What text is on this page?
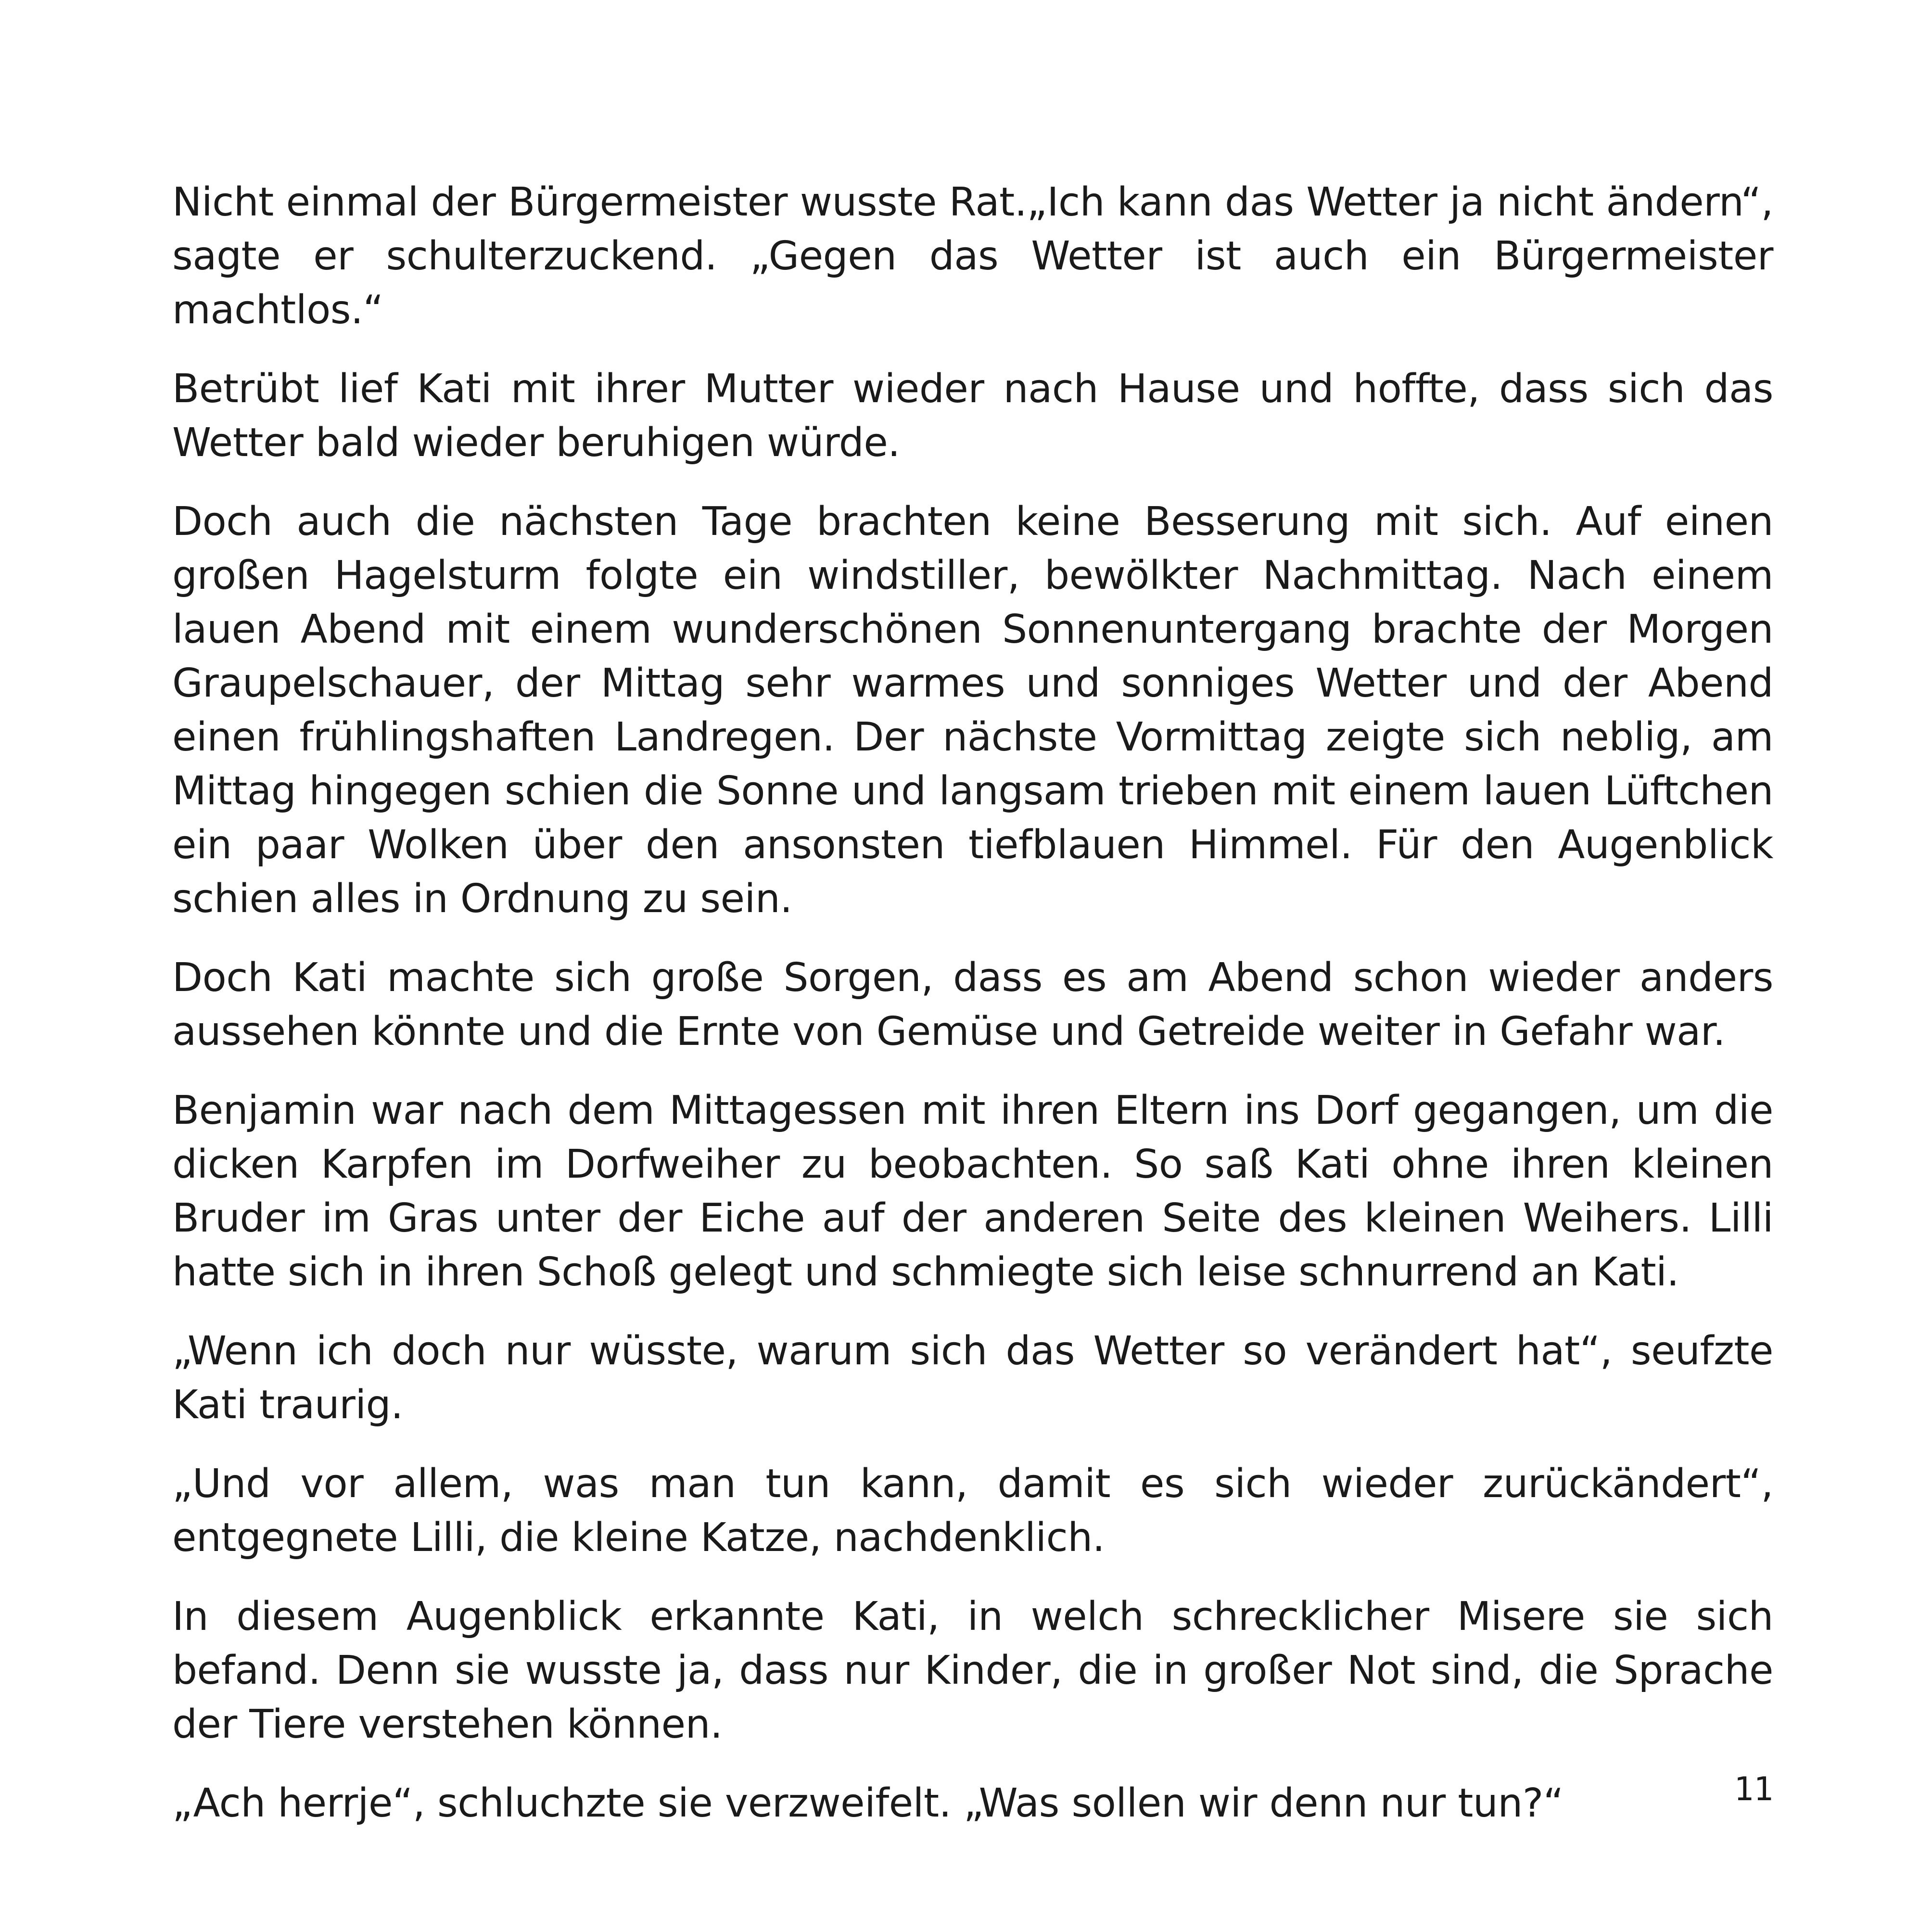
Nicht einmal der Bürgermeister wusste Rat.„Ich kann das Wetter ja nicht ändern“, sagte er schulterzuckend. „Gegen das Wetter ist auch ein Bürgermeister machtlos.“

Betrübt lief Kati mit ihrer Mutter wieder nach Hause und hoffte, dass sich das Wetter bald wieder beruhigen würde.

Doch auch die nächsten Tage brachten keine Besserung mit sich. Auf einen großen Hagelsturm folgte ein windstiller, bewölkter Nachmittag. Nach einem lauen Abend mit einem wunderschönen Sonnenuntergang brachte der Morgen Graupelschauer, der Mittag sehr warmes und sonniges Wetter und der Abend einen frühlingshaften Landregen. Der nächste Vormittag zeigte sich neblig, am Mittag hingegen schien die Sonne und langsam trieben mit einem lauen Lüftchen ein paar Wolken über den ansonsten tiefblauen Himmel. Für den Augenblick schien alles in Ordnung zu sein.

Doch Kati machte sich große Sorgen, dass es am Abend schon wieder anders aussehen könnte und die Ernte von Gemüse und Getreide weiter in Gefahr war.

Benjamin war nach dem Mittagessen mit ihren Eltern ins Dorf gegangen, um die dicken Karpfen im Dorfweiher zu beobachten. So saß Kati ohne ihren kleinen Bruder im Gras unter der Eiche auf der anderen Seite des kleinen Weihers. Lilli hatte sich in ihren Schoß gelegt und schmiegte sich leise schnurrend an Kati.

„Wenn ich doch nur wüsste, warum sich das Wetter so verändert hat“, seufzte Kati traurig.

„Und vor allem, was man tun kann, damit es sich wieder zurückändert“, entgegnete Lilli, die kleine Katze, nachdenklich.

In diesem Augenblick erkannte Kati, in welch schrecklicher Misere sie sich befand. Denn sie wusste ja, dass nur Kinder, die in großer Not sind, die Sprache der Tiere verstehen können.

„Ach herrje“, schluchzte sie verzweifelt. „Was sollen wir denn nur tun?“	11
